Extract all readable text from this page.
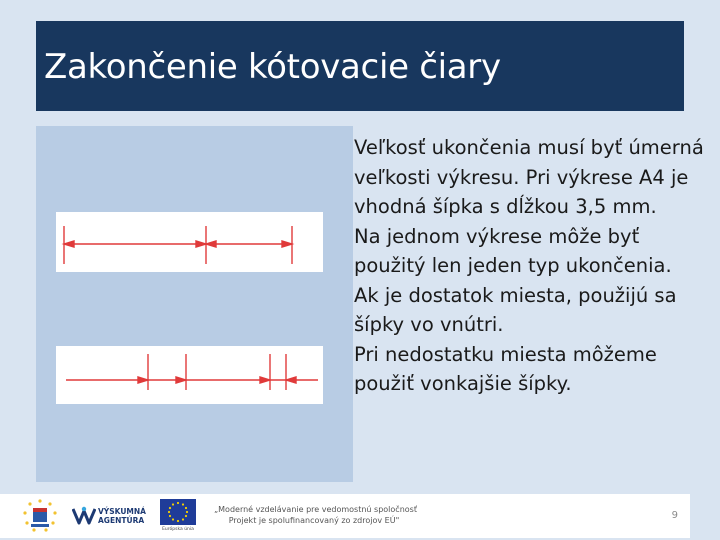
Zakončenie kótovacie čiary

Veľkosť ukončenia musí byť úmerná veľkosti výkresu. Pri výkrese A4 je vhodná šípka s dĺžkou 3,5 mm.

Na jednom výkrese môže byť použitý len jeden typ ukončenia.

Ak je dostatok miesta, použijú sa šípky vo vnútri.

Pri nedostatku miesta môžeme použiť vonkajšie šípky.

VÝSKUMNÁ
AGENTÚRA
Európska únia
„Moderné vzdelávanie pre vedomostnú spoločnosť
Projekt je spolufinancovaný zo zdrojov EÚ"	9
